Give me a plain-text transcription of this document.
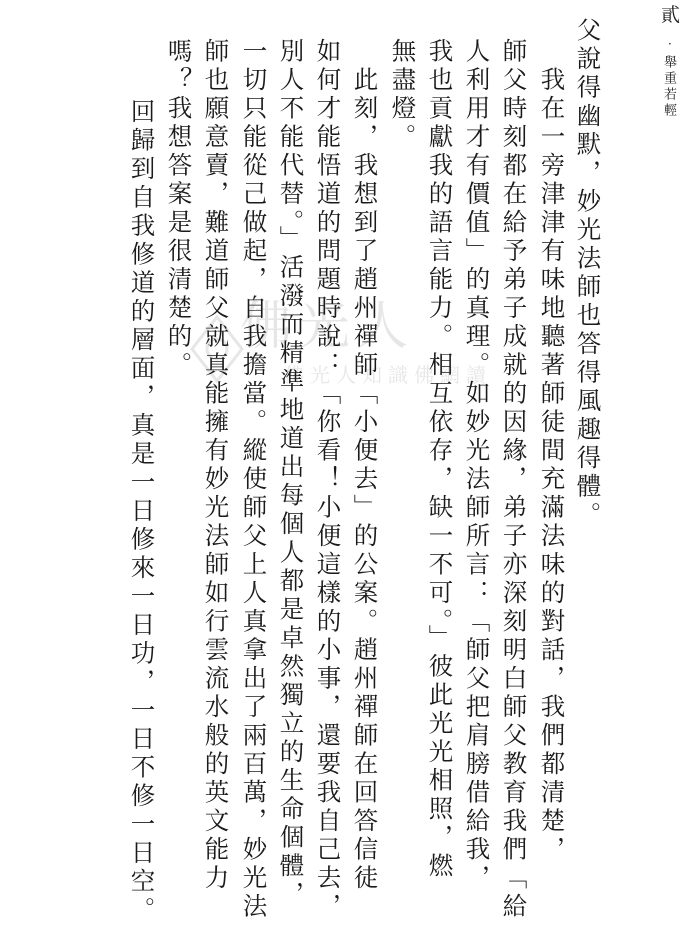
貳
·
舉重若輕
佛光人
佛光人知識佛網讀	父說得幽默，妙光法師也答得風趣得體。
　我在一旁津津有味地聽著師徒間充滿法味的對話，我們都清楚，
師父時刻都在給予弟子成就的因緣，弟子亦深刻明白師父教育我們「給
人利用才有價值」的真理。如妙光法師所言：「師父把肩膀借給我，
我也貢獻我的語言能力。相互依存，缺一不可。」彼此光光相照，燃
無盡燈。
　此刻，我想到了趙州禪師「小便去」的公案。趙州禪師在回答信徒
如何才能悟道的問題時說：「你看！小便這樣的小事，還要我自己去，
別人不能代替。」活潑而精準地道出每個人都是卓然獨立的生命個體，
一切只能從己做起，自我擔當。縱使師父上人真拿出了兩百萬，妙光法
師也願意賣，難道師父就真能擁有妙光法師如行雲流水般的英文能力
嗎？我想答案是很清楚的。
　回歸到自我修道的層面，真是一日修來一日功，一日不修一日空。
